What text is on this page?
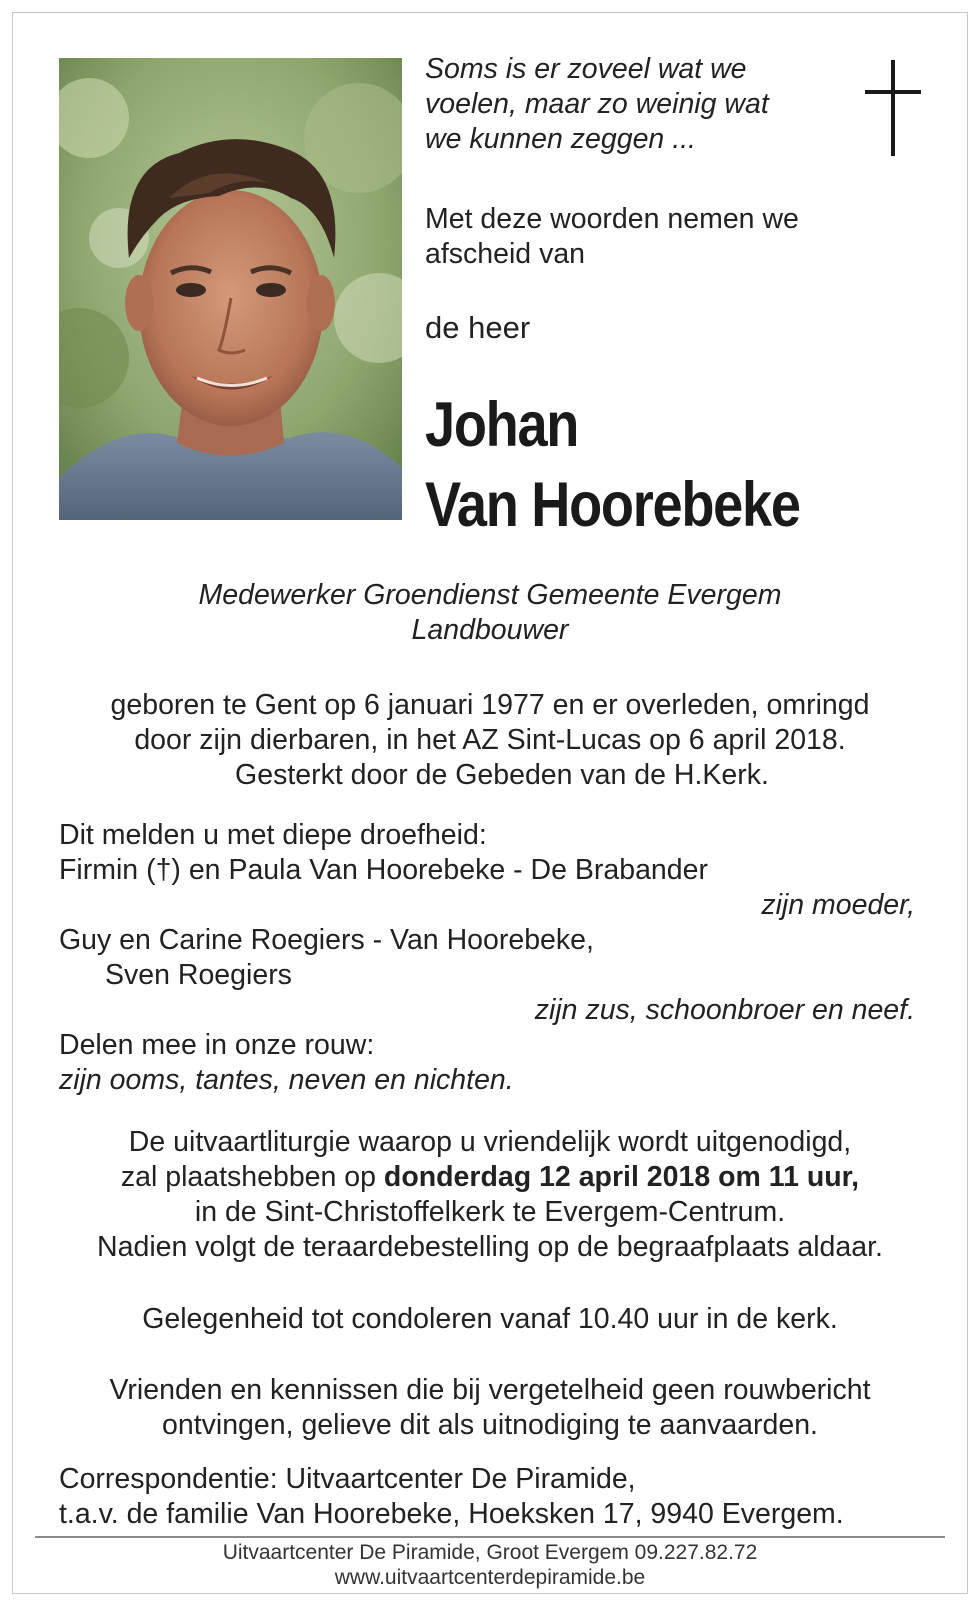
Soms is er zoveel wat we
voelen, maar zo weinig wat
we kunnen zeggen ...
Met deze woorden nemen we
afscheid van
de heer
Johan
Van Hoorebeke
Medewerker Groendienst Gemeente Evergem
Landbouwer
geboren te Gent op 6 januari 1977 en er overleden, omringd
door zijn dierbaren, in het AZ Sint-Lucas op 6 april 2018.
Gesterkt door de Gebeden van de H.Kerk.
Dit melden u met diepe droefheid:
Firmin (†) en Paula Van Hoorebeke - De Brabander
zijn moeder,
Guy en Carine Roegiers - Van Hoorebeke,
Sven Roegiers
zijn zus, schoonbroer en neef.
Delen mee in onze rouw:
zijn ooms, tantes, neven en nichten.
De uitvaartliturgie waarop u vriendelijk wordt uitgenodigd,
zal plaatshebben op donderdag 12 april 2018 om 11 uur,
in de Sint-Christoffelkerk te Evergem-Centrum.
Nadien volgt de teraardebestelling op de begraafplaats aldaar.
Gelegenheid tot condoleren vanaf 10.40 uur in de kerk.
Vrienden en kennissen die bij vergetelheid geen rouwbericht
ontvingen, gelieve dit als uitnodiging te aanvaarden.
Correspondentie: Uitvaartcenter De Piramide,
t.a.v. de familie Van Hoorebeke, Hoeksken 17, 9940 Evergem.
Uitvaartcenter De Piramide, Groot Evergem 09.227.82.72
www.uitvaartcenterdepiramide.be
